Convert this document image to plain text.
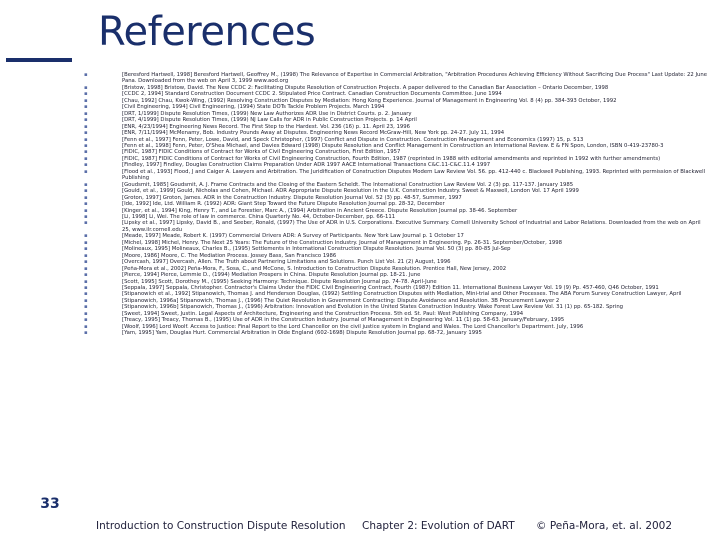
References
33
▪	[Beresford Hartwell, 1998] Beresford Hartwell, Geoffrey M., (1998) The Relevance of Expertise in Commercial Arbitration, "Arbitration Procedures Achieving Efficiency Without Sacrificing Due Process" Last Update: 22 June Pana. Downloaded from the web on April 3, 1999 www.aod.org
▪	[Bristow, 1998] Bristow, David. The New CCDC 2: Facilitating Dispute Resolution of Construction Projects. A paper delivered to the Canadian Bar Association – Ontario December, 1998
▪	[CCDC 2, 1994] Standard Construction Document CCDC 2. Stipulated Price Contract. Canadian Construction Documents Committee. June 1994
▪	[Chau, 1992] Chau, Kwok-Wing, (1992) Resolving Construction Disputes by Mediation: Hong Kong Experience. Journal of Management in Engineering Vol. 8 (4) pp. 384-393 October, 1992
▪	[Civil Engineering, 1994] Civil Engineering, (1994) State DOTs Tackle Problem Projects. March 1994
▪	[DRT, 1/1999] Dispute Resolution Times, (1999) New Law Authorizes ADR Use in District Courts. p. 2. January
▪	[DRT, 4/1999] Dispute Resolution Times, (1999) NJ Law Calls for ADR in Public Construction Projects. p. 14 April
▪	[ENR, 4/23/1994] Engineering News Record. The First Step to the Hardest. Vol. 236 (16) p. 11. April 23, 1996
▪	[ENR, 7/11/1994] McMenamy, Bob. Industry Pounds Away at Disputes. Engineering News Record McGraw-Hill, New York pp. 24-27. July 11, 1994
▪	[Fenn et al., 1997] Fenn, Peter, Lowe, David, and Speck Christopher, (1997) Conflict and Dispute in Construction. Construction Management and Economics (1997) 15, p. 513
▪	[Fenn et al., 1998] Fenn, Peter, O'Shea Michael, and Davies Edward (1998) Dispute Resolution and Conflict Management in Construction an International Review. E & FN Spon, London, ISBN 0-419-23780-3
▪	[FIDIC, 1987] FIDIC Conditions of Contract for Works of Civil Engineering Construction, First Edition, 1957
▪	[FIDIC, 1987] FIDIC Conditions of Contract for Works of Civil Engineering Construction, Fourth Edition, 1987 (reprinted in 1988 with editorial amendments and reprinted in 1992 with further amendments)
▪	[Findley, 1997] Findley, Douglas Construction Claims Preparation Under ADR 1997 AACE International Transactions C&C.11-C&C.11.4 1997
▪	[Flood et al., 1993] Flood, J and Caiger A. Lawyers and Arbitration. The Juridification of Construction Disputes Modern Law Review Vol. 56. pp. 412-440 c. Blackwell Publishing, 1993. Reprinted with permission of Blackwell Publishing
▪	[Goudsmit, 1985] Goudsmit, A. J. Frame Contracts and the Closing of the Eastern Scheldt. The International Construction Law Review Vol. 2 (3) pp. 117-137. January 1985
▪	[Gould, et al., 1999] Gould, Nicholas and Cohen, Michael. ADR Appropriate Dispute Resolution in the U.K. Construction Industry. Sweet & Maxwell, London Vol. 17 April 1999
▪	[Groton, 1997] Groton, James. ADR in the Construction Industry. Dispute Resolution Journal Vol. 52 (3) pp. 48-57, Summer, 1997
▪	[Ide, 1992] Ide, Ltd. William R. (1992) ADR: Giant Step Toward the Future Dispute Resolution Journal pp. 28-32, December
▪	[Kinger, et al., 1994] King, Henry T., and Le Forestier, Marc A., (1994) Arbitration in Ancient Greece. Dispute Resolution Journal pp. 38-46. September
▪	[Li, 1998] Li, Wei. The role of law in commerce. China Quarterly No. 44, October-December, pp. 66-111
▪	[Lipsky et al., 1997] Lipsky, David B., and Seeber, Ronald, (1997) The Use of ADR in U.S. Corporations. Executive Summary. Cornell University School of Industrial and Labor Relations. Downloaded from the web on April 25, www.ilr.cornell.edu
▪	[Meade, 1997] Meade, Robert K. (1997) Commercial Drivers ADR: A Survey of Participants. New York Law Journal p. 1 October 17
▪	[Michel, 1998] Michel, Henry. The Next 25 Years: The Future of the Construction Industry. Journal of Management in Engineering. Pp. 26-31. September/October, 1998
▪	[Molineaux, 1995] Molineaux, Charles B., (1995) Settlements in International Construction Dispute Resolution. Journal Vol. 50 (3) pp. 80-85 Jul-Sep
▪	[Moore, 1986] Moore, C. The Mediation Process. Jossey Bass, San Francisco 1986
▪	[Overcash, 1997] Overcash, Allen. The Truth about Partnering Limitations and Solutions. Punch List Vol. 21 (2) August, 1996
▪	[Peña-Mora et al., 2002] Peña-Mora, F., Sosa, C., and McCone, S. Introduction to Construction Dispute Resolution. Prentice Hall, New Jersey, 2002
▪	[Pierce, 1994] Pierce, Lemmie D., (1994) Mediation Prospers in China. Dispute Resolution Journal pp. 18-21. June
▪	[Scott, 1995] Scott, Dorothey M., (1995) Seeking Harmony: Technique. Dispute Resolution Journal pp. 74-78. April-June
▪	[Seppala, 1997] Seppala, Christopher. Contractor's Claims Under the FIDIC Civil Engineering Contract, Fourth (1987) Edition 11. International Business Lawyer Vol. 19 (9) Pp. 457-460, Q46 October, 1991
▪	[Stipanowich et al., 1992] Stipanowich, Thomas J. and Henderson Douglas, (1992) Settling Construction Disputes with Mediation, Mini-trial and Other Processes. The ABA Forum Survey Construction Lawyer, April
▪	[Stipanowich, 1996a] Stipanowich, Thomas J., (1996) The Quiet Revolution in Government Contracting: Dispute Avoidance and Resolution. 3B Procurement Lawyer 2
▪	[Stipanowich, 1996b] Stipanowich, Thomas J., (1996) Arbitration: Innovation and Evolution in the United States Construction Industry. Wake Forest Law Review Vol. 31 (1) pp. 65-182. Spring
▪	[Sweet, 1994] Sweet, Justin. Legal Aspects of Architecture, Engineering and the Construction Process. 5th ed. St. Paul: West Publishing Company, 1994
▪	[Treacy, 1995] Treacy, Thomas B., (1995) Use of ADR in the Construction Industry. Journal of Management in Engineering Vol. 11 (1) pp. 58-63. January/February, 1995
▪	[Woolf, 1996] Lord Woolf. Access to Justice: Final Report to the Lord Chancellor on the civil justice system in England and Wales. The Lord Chancellor's Department. July, 1996
▪	[Yam, 1995] Yam, Douglas Hurt. Commercial Arbitration in Olde England (602-1698) Dispute Resolution Journal pp. 68-72, January 1995
Introduction to Construction Dispute Resolution Chapter 2: Evolution of DART © Peña-Mora, et. al. 2002
